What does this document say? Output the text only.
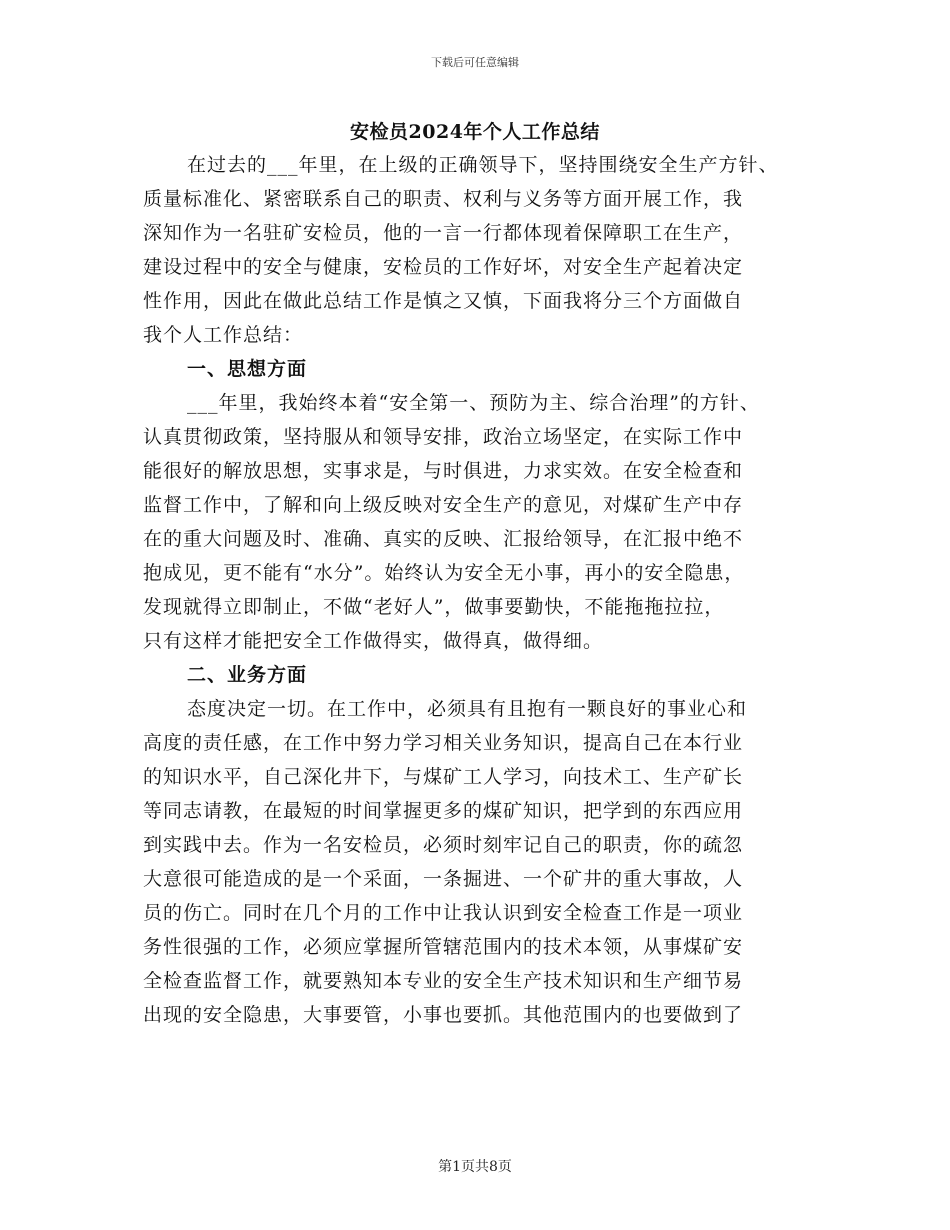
下载后可任意编辑
安检员2024年个人工作总结
在过去的___年里，在上级的正确领导下，坚持围绕安全生产方针、
质量标准化、紧密联系自己的职责、权利与义务等方面开展工作，我
深知作为一名驻矿安检员，他的一言一行都体现着保障职工在生产，
建设过程中的安全与健康，安检员的工作好坏，对安全生产起着决定
性作用，因此在做此总结工作是慎之又慎，下面我将分三个方面做自
我个人工作总结：
一、思想方面
___年里，我始终本着“安全第一、预防为主、综合治理”的方针、
认真贯彻政策，坚持服从和领导安排，政治立场坚定，在实际工作中
能很好的解放思想，实事求是，与时俱进，力求实效。在安全检查和
监督工作中，了解和向上级反映对安全生产的意见，对煤矿生产中存
在的重大问题及时、准确、真实的反映、汇报给领导，在汇报中绝不
抱成见，更不能有“水分”。始终认为安全无小事，再小的安全隐患，
发现就得立即制止，不做“老好人”，做事要勤快，不能拖拖拉拉，
只有这样才能把安全工作做得实，做得真，做得细。
二、业务方面
态度决定一切。在工作中，必须具有且抱有一颗良好的事业心和
高度的责任感，在工作中努力学习相关业务知识，提高自己在本行业
的知识水平，自己深化井下，与煤矿工人学习，向技术工、生产矿长
等同志请教，在最短的时间掌握更多的煤矿知识，把学到的东西应用
到实践中去。作为一名安检员，必须时刻牢记自己的职责，你的疏忽
大意很可能造成的是一个采面，一条掘进、一个矿井的重大事故，人
员的伤亡。同时在几个月的工作中让我认识到安全检查工作是一项业
务性很强的工作，必须应掌握所管辖范围内的技术本领，从事煤矿安
全检查监督工作，就要熟知本专业的安全生产技术知识和生产细节易
出现的安全隐患，大事要管，小事也要抓。其他范围内的也要做到了
第1页共8页
